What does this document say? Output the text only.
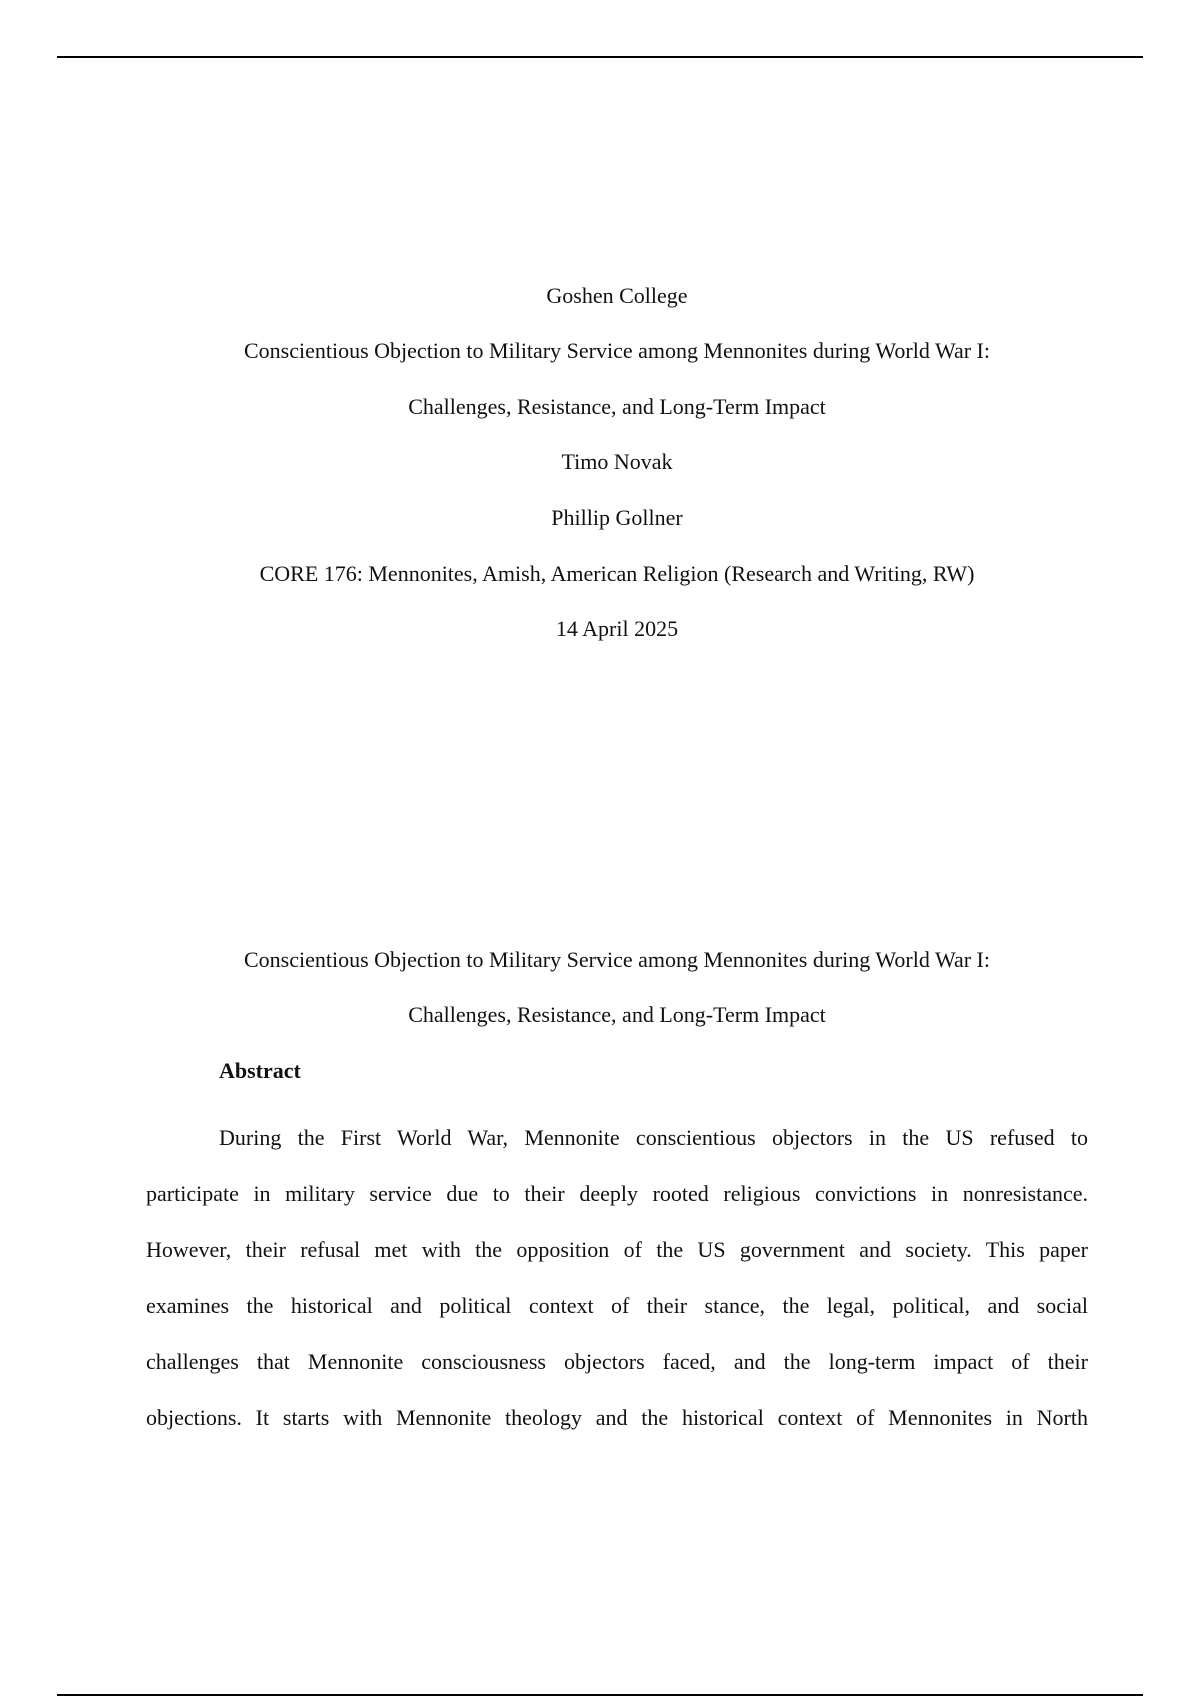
Goshen College
Conscientious Objection to Military Service among Mennonites during World War I:
Challenges, Resistance, and Long-Term Impact
Timo Novak
Phillip Gollner
CORE 176: Mennonites, Amish, American Religion (Research and Writing, RW)
14 April 2025
Conscientious Objection to Military Service among Mennonites during World War I:
Challenges, Resistance, and Long-Term Impact
Abstract
During the First World War, Mennonite conscientious objectors in the US refused to
participate in military service due to their deeply rooted religious convictions in nonresistance.
However, their refusal met with the opposition of the US government and society. This paper
examines the historical and political context of their stance, the legal, political, and social
challenges that Mennonite consciousness objectors faced, and the long-term impact of their
objections. It starts with Mennonite theology and the historical context of Mennonites in North
